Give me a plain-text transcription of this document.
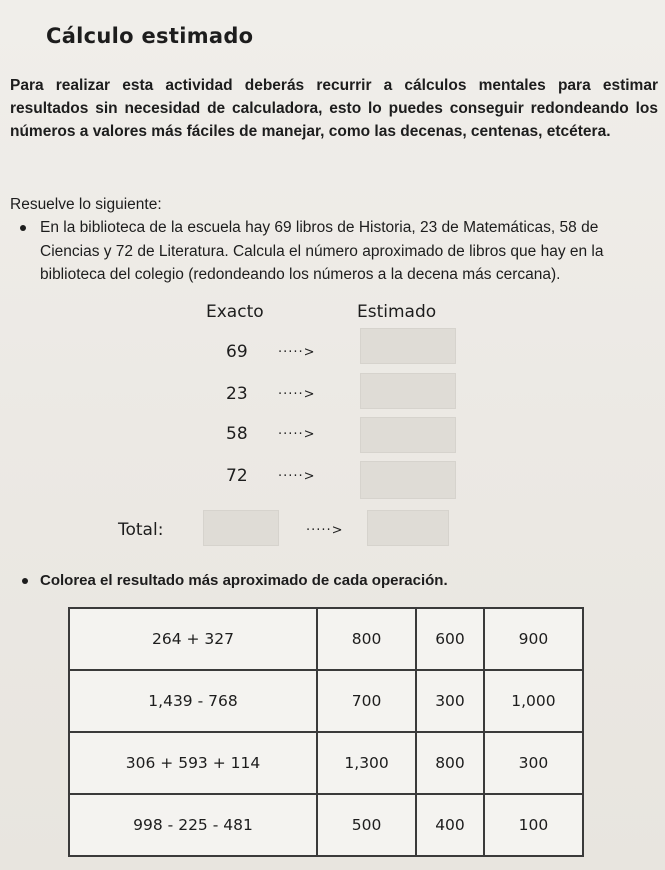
Cálculo estimado
Para realizar esta actividad deberás recurrir a cálculos mentales para estimar resultados sin necesidad de calculadora, esto lo puedes conseguir redondeando los números a valores más fáciles de manejar, como las decenas, centenas, etcétera.
Resuelve lo siguiente:
En la biblioteca de la escuela hay 69 libros de Historia, 23 de Matemáticas, 58 de Ciencias y 72 de Literatura. Calcula el número aproximado de libros que hay en la biblioteca del colegio (redondeando los números a la decena más cercana).
Exacto	Estimado
69 ·····>
23 ·····>
58 ·····>
72 ·····>
Total:	·····>
Colorea el resultado más aproximado de cada operación.
264 + 327	800	600	900
1,439 - 768	700	300	1,000
306 + 593 + 114	1,300	800	300
998 - 225 - 481	500	400	100
